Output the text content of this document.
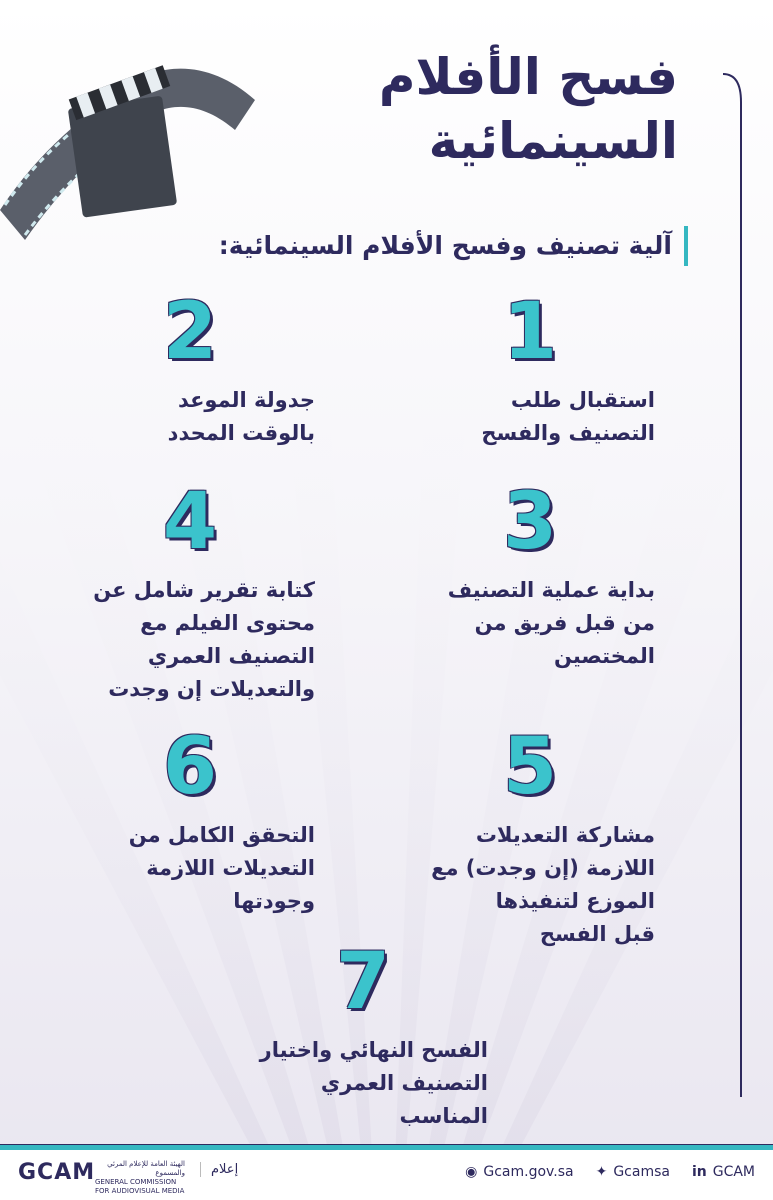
فسح الأفلام
السينمائية
آلية تصنيف وفسح الأفلام السينمائية:
1
استقبال طلب
التصنيف والفسح
2
جدولة الموعد
بالوقت المحدد
3
بداية عملية التصنيف
من قبل فريق من
المختصين
4
كتابة تقرير شامل عن
محتوى الفيلم مع
التصنيف العمري
والتعديلات إن وجدت
5
مشاركة التعديلات
اللازمة (إن وجدت) مع
الموزع لتنفيذها
قبل الفسح
6
التحقق الكامل من
التعديلات اللازمة
وجودتها
7
الفسح النهائي واختيار
التصنيف العمري
المناسب
GCAM	الهيئة العامة للإعلام المرئي والمسموع
GENERAL COMMISSION FOR AUDIOVISUAL MEDIA
إعلام	◉ Gcam.gov.sa ✦ Gcamsa in GCAM
